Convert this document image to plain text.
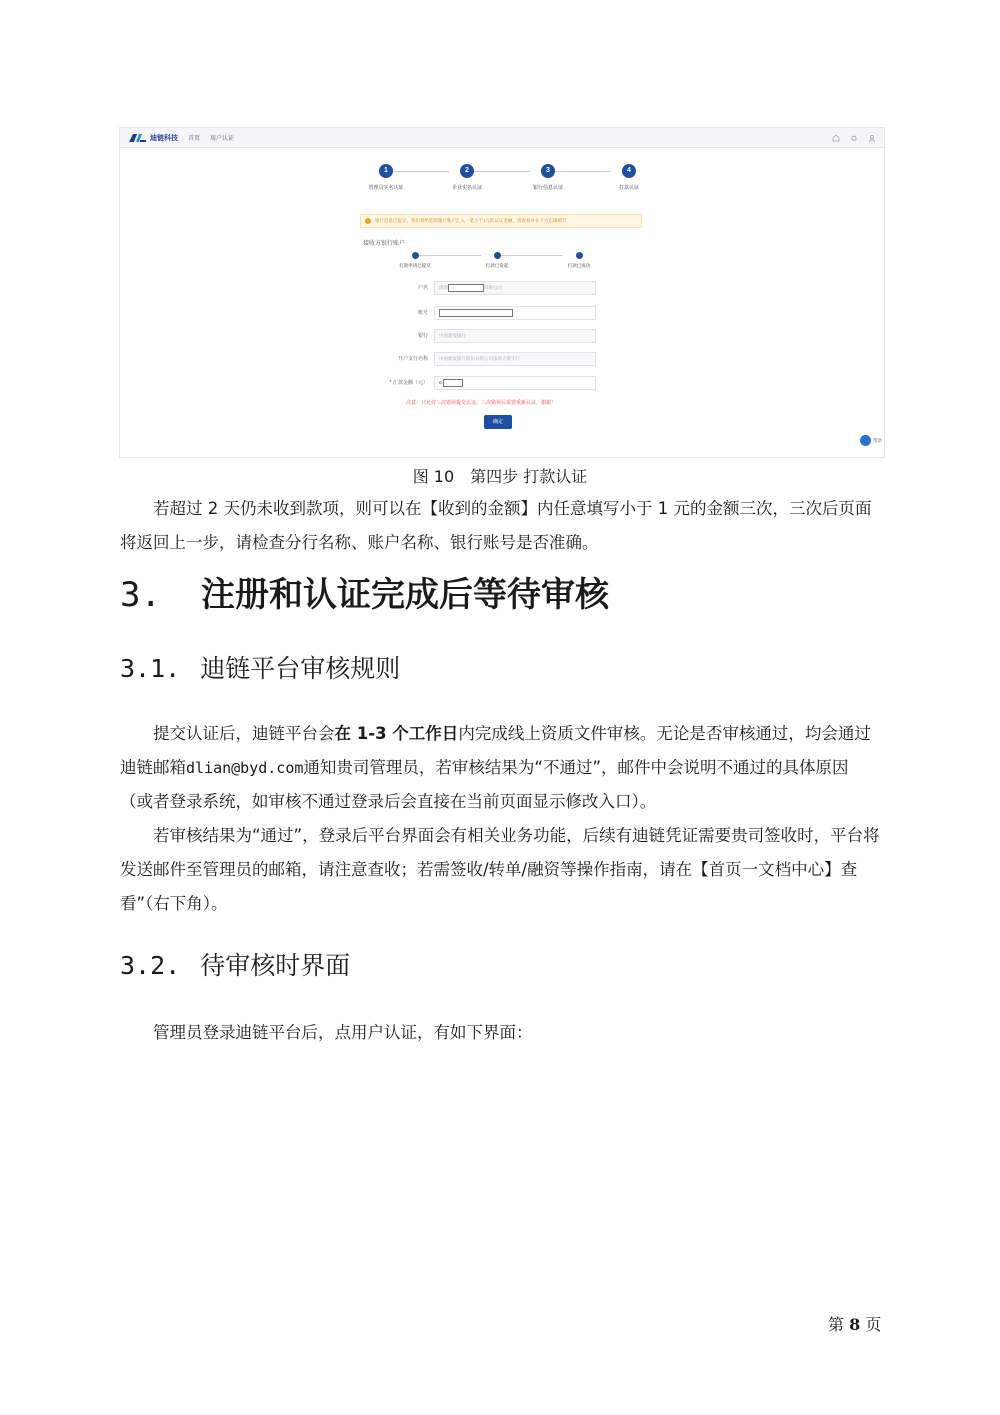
迪链科技 首页 用户认证
1
管理员实名认证
2
企业实名认证
3
银行信息认证
4
打款认证
银行信息已提交，我们将给您的银行账户汇入一笔小于1元的认证金额，请查看并在下方正确填写
接收方银行账户
打款申请已提交	打款已发起	打款已成功
户名	深圳	有限公司
账号
银行	中国建设银行
开户支行名称	中国建设银行股份有限公司深圳大厦支行
* 汇款金额（元）	0.
注意：只允许三次错误提交认证，三次错误后需要重新认证，谢谢！
确定
帮助
图 10　第四步 打款认证

若超过 2 天仍未收到款项，则可以在【收到的金额】内任意填写小于 1 元的金额三次，三次后页面将返回上一步，请检查分行名称、账户名称、银行账号是否准确。

3. 注册和认证完成后等待审核
3.1. 迪链平台审核规则

提交认证后，迪链平台会在 1-3 个工作日内完成线上资质文件审核。无论是否审核通过，均会通过迪链邮箱dlian@byd.com通知贵司管理员，若审核结果为“不通过”，邮件中会说明不通过的具体原因（或者登录系统，如审核不通过登录后会直接在当前页面显示修改入口）。

若审核结果为“通过”，登录后平台界面会有相关业务功能，后续有迪链凭证需要贵司签收时，平台将发送邮件至管理员的邮箱，请注意查收；若需签收/转单/融资等操作指南，请在【首页一文档中心】查看”（右下角）。

3.2. 待审核时界面

管理员登录迪链平台后，点用户认证，有如下界面：

第 8 页
